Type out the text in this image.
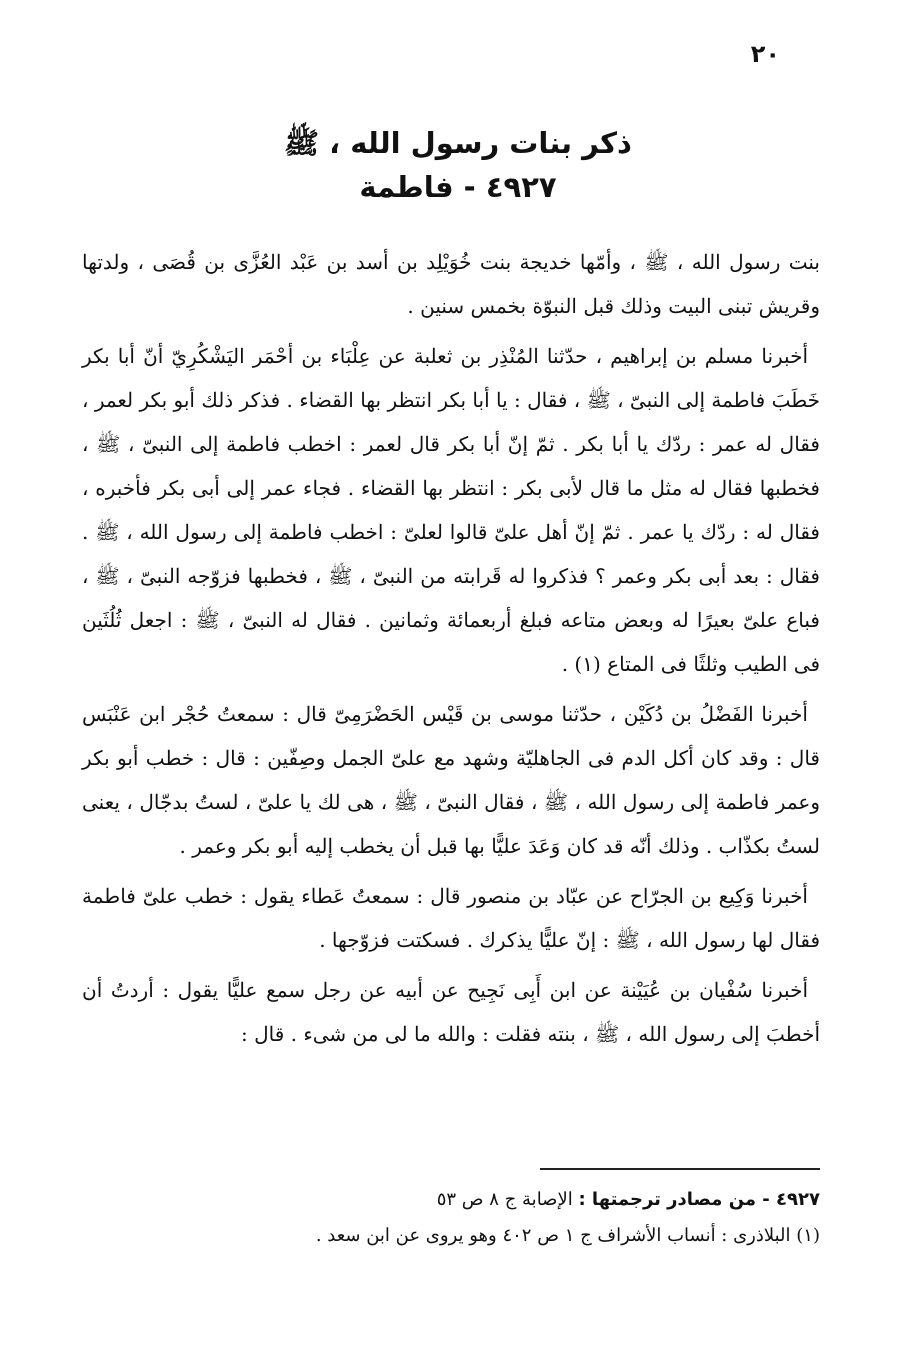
٢٠
ذكر بنات رسول الله ، ﷺ
٤٩٢٧ - فاطمة

بنت رسول الله ، ﷺ ، وأمّها خديجة بنت خُوَيْلِد بن أسد بن عَبْد العُزَّى بن قُصَى ، ولدتها وقريش تبنى البيت وذلك قبل النبوّة بخمس سنين .

أخبرنا مسلم بن إبراهيم ، حدّثنا المُنْذِر بن ثعلبة عن عِلْبَاء بن أحْمَر اليَشْكُرِيّ أنّ أبا بكر خَطَبَ فاطمة إلى النبىّ ، ﷺ ، فقال : يا أبا بكر انتظر بها القضاء . فذكر ذلك أبو بكر لعمر ، فقال له عمر : ردّك يا أبا بكر . ثمّ إنّ أبا بكر قال لعمر : اخطب فاطمة إلى النبىّ ، ﷺ ، فخطبها فقال له مثل ما قال لأبى بكر : انتظر بها القضاء . فجاء عمر إلى أبى بكر فأخبره ، فقال له : ردّك يا عمر . ثمّ إنّ أهل علىّ قالوا لعلىّ : اخطب فاطمة إلى رسول الله ، ﷺ . فقال : بعد أبى بكر وعمر ؟ فذكروا له قَرابته من النبىّ ، ﷺ ، فخطبها فزوّجه النبىّ ، ﷺ ، فباع علىّ بعيرًا له وبعض متاعه فبلغ أربعمائة وثمانين . فقال له النبىّ ، ﷺ : اجعل ثُلُثَين فى الطيب وثلثًا فى المتاع (١) .

أخبرنا الفَضْلُ بن دُكَيْن ، حدّثنا موسى بن قَيْس الحَضْرَمِىّ قال : سمعتُ حُجْر ابن عَنْبَس قال : وقد كان أكل الدم فى الجاهليّة وشهد مع علىّ الجمل وصِفّين : قال : خطب أبو بكر وعمر فاطمة إلى رسول الله ، ﷺ ، فقال النبىّ ، ﷺ ، هى لك يا علىّ ، لستُ بدجّال ، يعنى لستُ بكذّاب . وذلك أنّه قد كان وَعَدَ عليًّا بها قبل أن يخطب إليه أبو بكر وعمر .

أخبرنا وَكِيع بن الجرّاح عن عبّاد بن منصور قال : سمعتُ عَطاء يقول : خطب علىّ فاطمة فقال لها رسول الله ، ﷺ : إنّ عليًّا يذكرك . فسكتت فزوّجها .

أخبرنا سُفْيان بن عُيَيْنة عن ابن أَبِى نَجِيح عن أبيه عن رجل سمع عليًّا يقول : أردتُ أن أخطبَ إلى رسول الله ، ﷺ ، بنته فقلت : والله ما لى من شىء . قال :

٤٩٢٧ - من مصادر ترجمتها : الإصابة ج ٨ ص ٥٣
(١) البلاذرى : أنساب الأشراف ج ١ ص ٤٠٢ وهو يروى عن ابن سعد .
